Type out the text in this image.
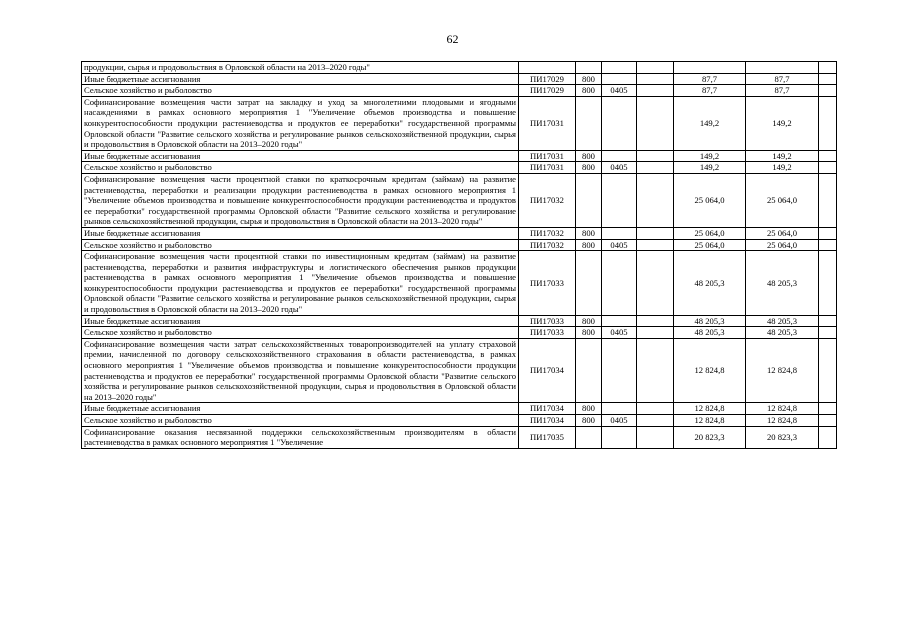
62
продукции, сырья и продовольствия в Орловской области на 2013–2020 годы"							
Иные бюджетные ассигнования	ПИ17029	800			87,7	87,7	
Сельское хозяйство и рыболовство	ПИ17029	800	0405		87,7	87,7	
Софинансирование возмещения части затрат на закладку и уход за многолетними плодовыми и ягодными насаждениями в рамках основного мероприятия 1 "Увеличение объемов производства и повышение конкурентоспособности продукции растениеводства и продуктов ее переработки" государственной программы Орловской области "Развитие сельского хозяйства и регулирование рынков сельскохозяйственной продукции, сырья и продовольствия в Орловской области на 2013–2020 годы"	ПИ17031				149,2	149,2	
Иные бюджетные ассигнования	ПИ17031	800			149,2	149,2	
Сельское хозяйство и рыболовство	ПИ17031	800	0405		149,2	149,2	
Софинансирование возмещения части процентной ставки по краткосрочным кредитам (займам) на развитие растениеводства, переработки и реализации продукции растениеводства в рамках основного мероприятия 1 "Увеличение объемов производства и повышение конкурентоспособности продукции растениеводства и продуктов ее переработки" государственной программы Орловской области "Развитие сельского хозяйства и регулирование рынков сельскохозяйственной продукции, сырья и продовольствия в Орловской области на 2013–2020 годы"	ПИ17032				25 064,0	25 064,0	
Иные бюджетные ассигнования	ПИ17032	800			25 064,0	25 064,0	
Сельское хозяйство и рыболовство	ПИ17032	800	0405		25 064,0	25 064,0	
Софинансирование возмещения части процентной ставки по инвестиционным кредитам (займам) на развитие растениеводства, переработки и развития инфраструктуры и логистического обеспечения рынков продукции растениеводства в рамках основного мероприятия 1 "Увеличение объемов производства и повышение конкурентоспособности продукции растениеводства и продуктов ее переработки" государственной программы Орловской области "Развитие сельского хозяйства и регулирование рынков сельскохозяйственной продукции, сырья и продовольствия в Орловской области на 2013–2020 годы"	ПИ17033				48 205,3	48 205,3	
Иные бюджетные ассигнования	ПИ17033	800			48 205,3	48 205,3	
Сельское хозяйство и рыболовство	ПИ17033	800	0405		48 205,3	48 205,3	
Софинансирование возмещения части затрат сельскохозяйственных товаропроизводителей на уплату страховой премии, начисленной по договору сельскохозяйственного страхования в области растениеводства, в рамках основного мероприятия 1 "Увеличение объемов производства и повышение конкурентоспособности продукции растениеводства и продуктов ее переработки" государственной программы Орловской области "Развитие сельского хозяйства и регулирование рынков сельскохозяйственной продукции, сырья и продовольствия в Орловской области на 2013–2020 годы"	ПИ17034				12 824,8	12 824,8	
Иные бюджетные ассигнования	ПИ17034	800			12 824,8	12 824,8	
Сельское хозяйство и рыболовство	ПИ17034	800	0405		12 824,8	12 824,8	
Софинансирование оказания несвязанной поддержки сельскохозяйственным производителям в области растениеводства в рамках основного мероприятия 1 "Увеличение	ПИ17035				20 823,3	20 823,3	
